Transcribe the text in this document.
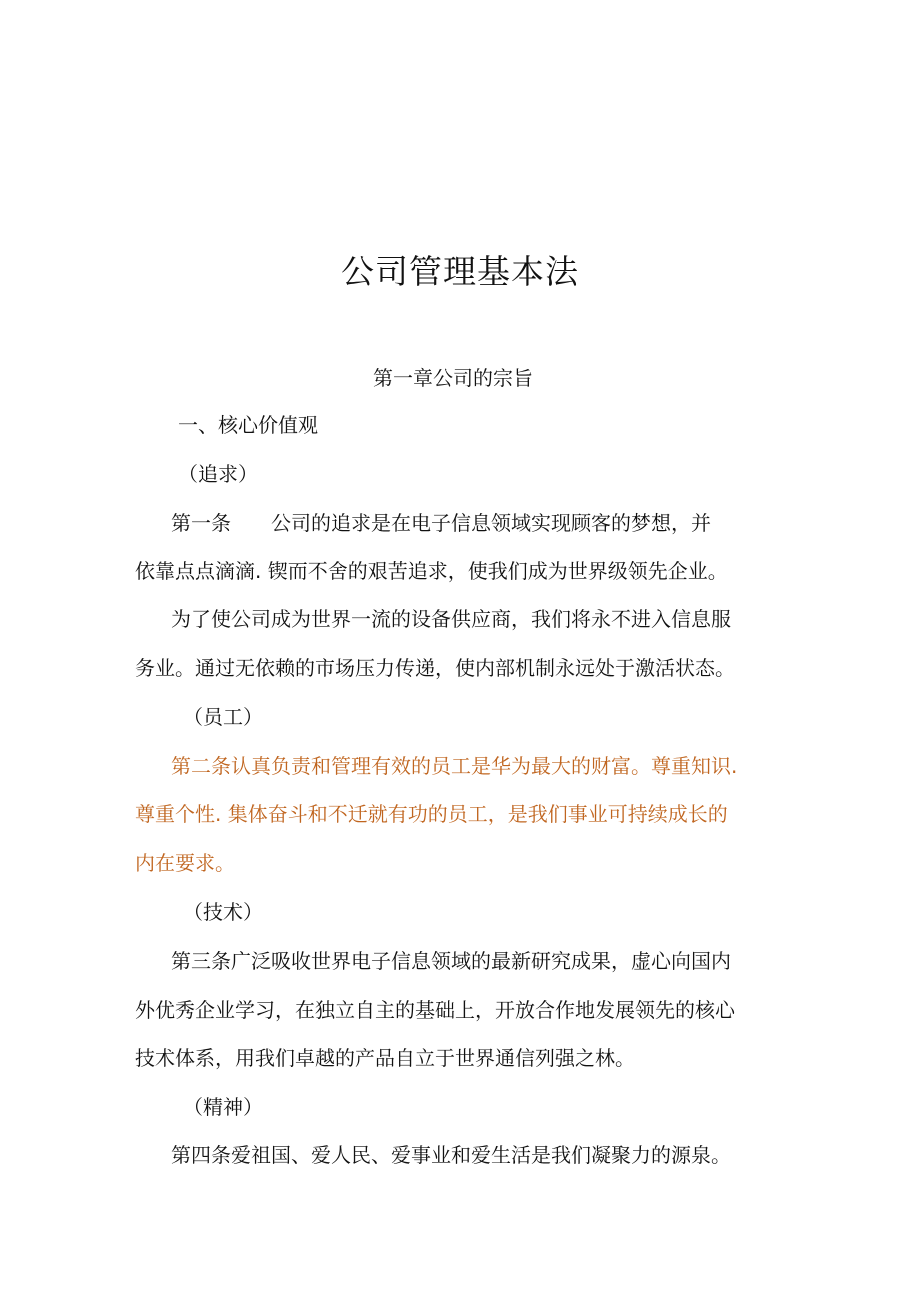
公司管理基本法
第一章公司的宗旨
一、核心价值观
（追求）
第一条 公司的追求是在电子信息领域实现顾客的梦想，并
依靠点点滴滴. 锲而不舍的艰苦追求，使我们成为世界级领先企业。
为了使公司成为世界一流的设备供应商，我们将永不进入信息服
务业。通过无依赖的市场压力传递，使内部机制永远处于激活状态。
（员工）
第二条认真负责和管理有效的员工是华为最大的财富。尊重知识.
尊重个性. 集体奋斗和不迁就有功的员工，是我们事业可持续成长的
内在要求。
（技术）
第三条广泛吸收世界电子信息领域的最新研究成果，虚心向国内
外优秀企业学习，在独立自主的基础上，开放合作地发展领先的核心
技术体系，用我们卓越的产品自立于世界通信列强之林。
（精神）
第四条爱祖国、爱人民、爱事业和爱生活是我们凝聚力的源泉。
